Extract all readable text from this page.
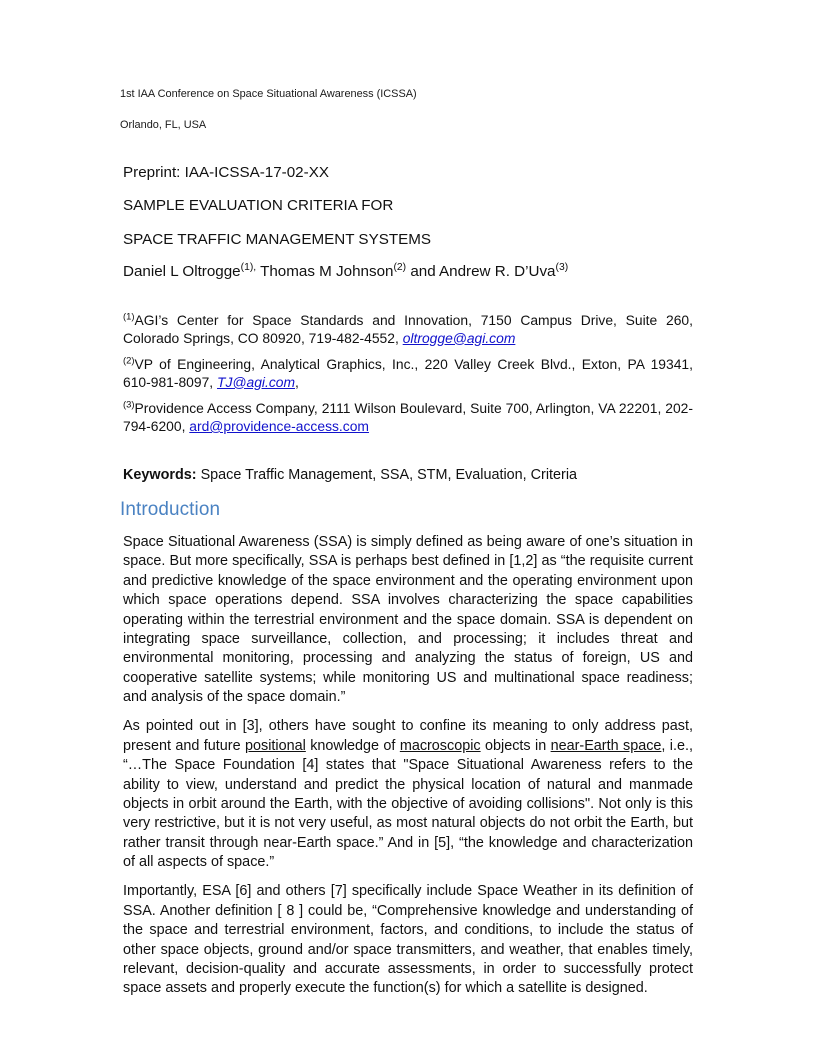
1st IAA Conference on Space Situational Awareness (ICSSA)

Orlando, FL, USA

Preprint: IAA-ICSSA-17-02-XX

SAMPLE EVALUATION CRITERIA FOR

SPACE TRAFFIC MANAGEMENT SYSTEMS

Daniel L Oltrogge$^{(1),}$ Thomas M Johnson$^{(2)}$ and Andrew R. D’Uva$^{(3)}$

$^{(1)}$AGI’s Center for Space Standards and Innovation, 7150 Campus Drive, Suite 260, Colorado Springs, CO 80920, 719-482-4552, oltrogge@agi.com

$^{(2)}$VP of Engineering, Analytical Graphics, Inc., 220 Valley Creek Blvd., Exton, PA 19341, 610-981-8097, TJ@agi.com,

$^{(3)}$Providence Access Company, 2111 Wilson Boulevard, Suite 700, Arlington, VA 22201, 202-794-6200, ard@providence-access.com

Keywords: Space Traffic Management, SSA, STM, Evaluation, Criteria
Introduction

Space Situational Awareness (SSA) is simply defined as being aware of one’s situation in space. But more specifically, SSA is perhaps best defined in [1,2] as “the requisite current and predictive knowledge of the space environment and the operating environment upon which space operations depend. SSA involves characterizing the space capabilities operating within the terrestrial environment and the space domain. SSA is dependent on integrating space surveillance, collection, and processing; it includes threat and environmental monitoring, processing and analyzing the status of foreign, US and cooperative satellite systems; while monitoring US and multinational space readiness; and analysis of the space domain.”

As pointed out in [3], others have sought to confine its meaning to only address past, present and future positional knowledge of macroscopic objects in near-Earth space, i.e., “…The Space Foundation [4] states that "Space Situational Awareness refers to the ability to view, understand and predict the physical location of natural and manmade objects in orbit around the Earth, with the objective of avoiding collisions". Not only is this very restrictive, but it is not very useful, as most natural objects do not orbit the Earth, but rather transit through near-Earth space.” And in [5], “the knowledge and characterization of all aspects of space.”

Importantly, ESA [6] and others [7] specifically include Space Weather in its definition of SSA. Another definition [ 8 ] could be, “Comprehensive knowledge and understanding of the space and terrestrial environment, factors, and conditions, to include the status of other space objects, ground and/or space transmitters, and weather, that enables timely, relevant, decision-quality and accurate assessments, in order to successfully protect space assets and properly execute the function(s) for which a satellite is designed.
